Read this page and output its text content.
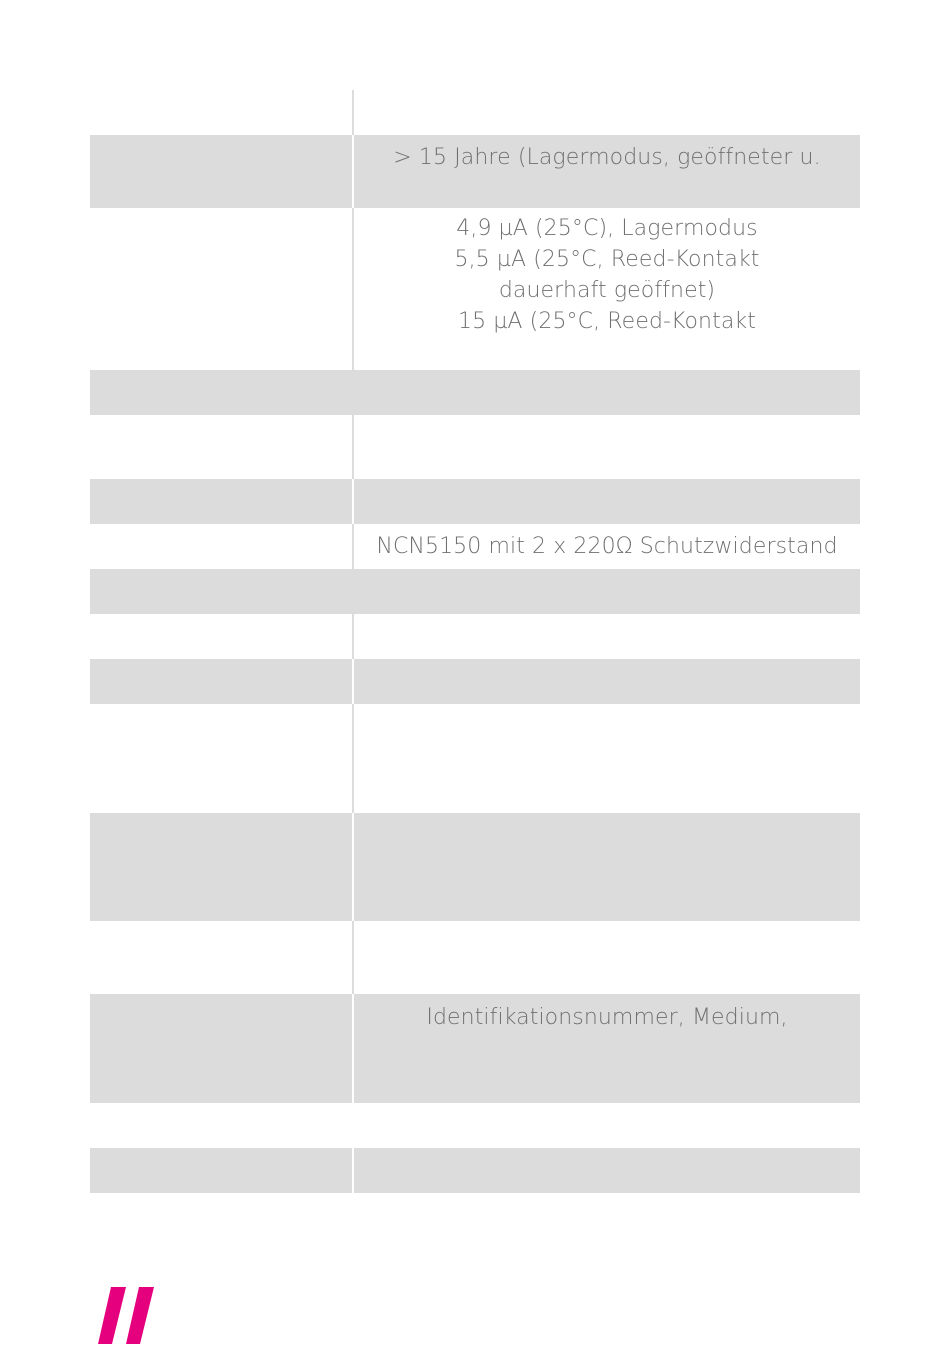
> 15 Jahre (Lagermodus, geöffneter u.
4,9 µA (25°C), Lagermodus
5,5 µA (25°C, Reed-Kontakt
dauerhaft geöffnet)
15 µA (25°C, Reed-Kontakt
NCN5150 mit 2 x 220Ω Schutzwiderstand
Identifikationsnummer, Medium,
